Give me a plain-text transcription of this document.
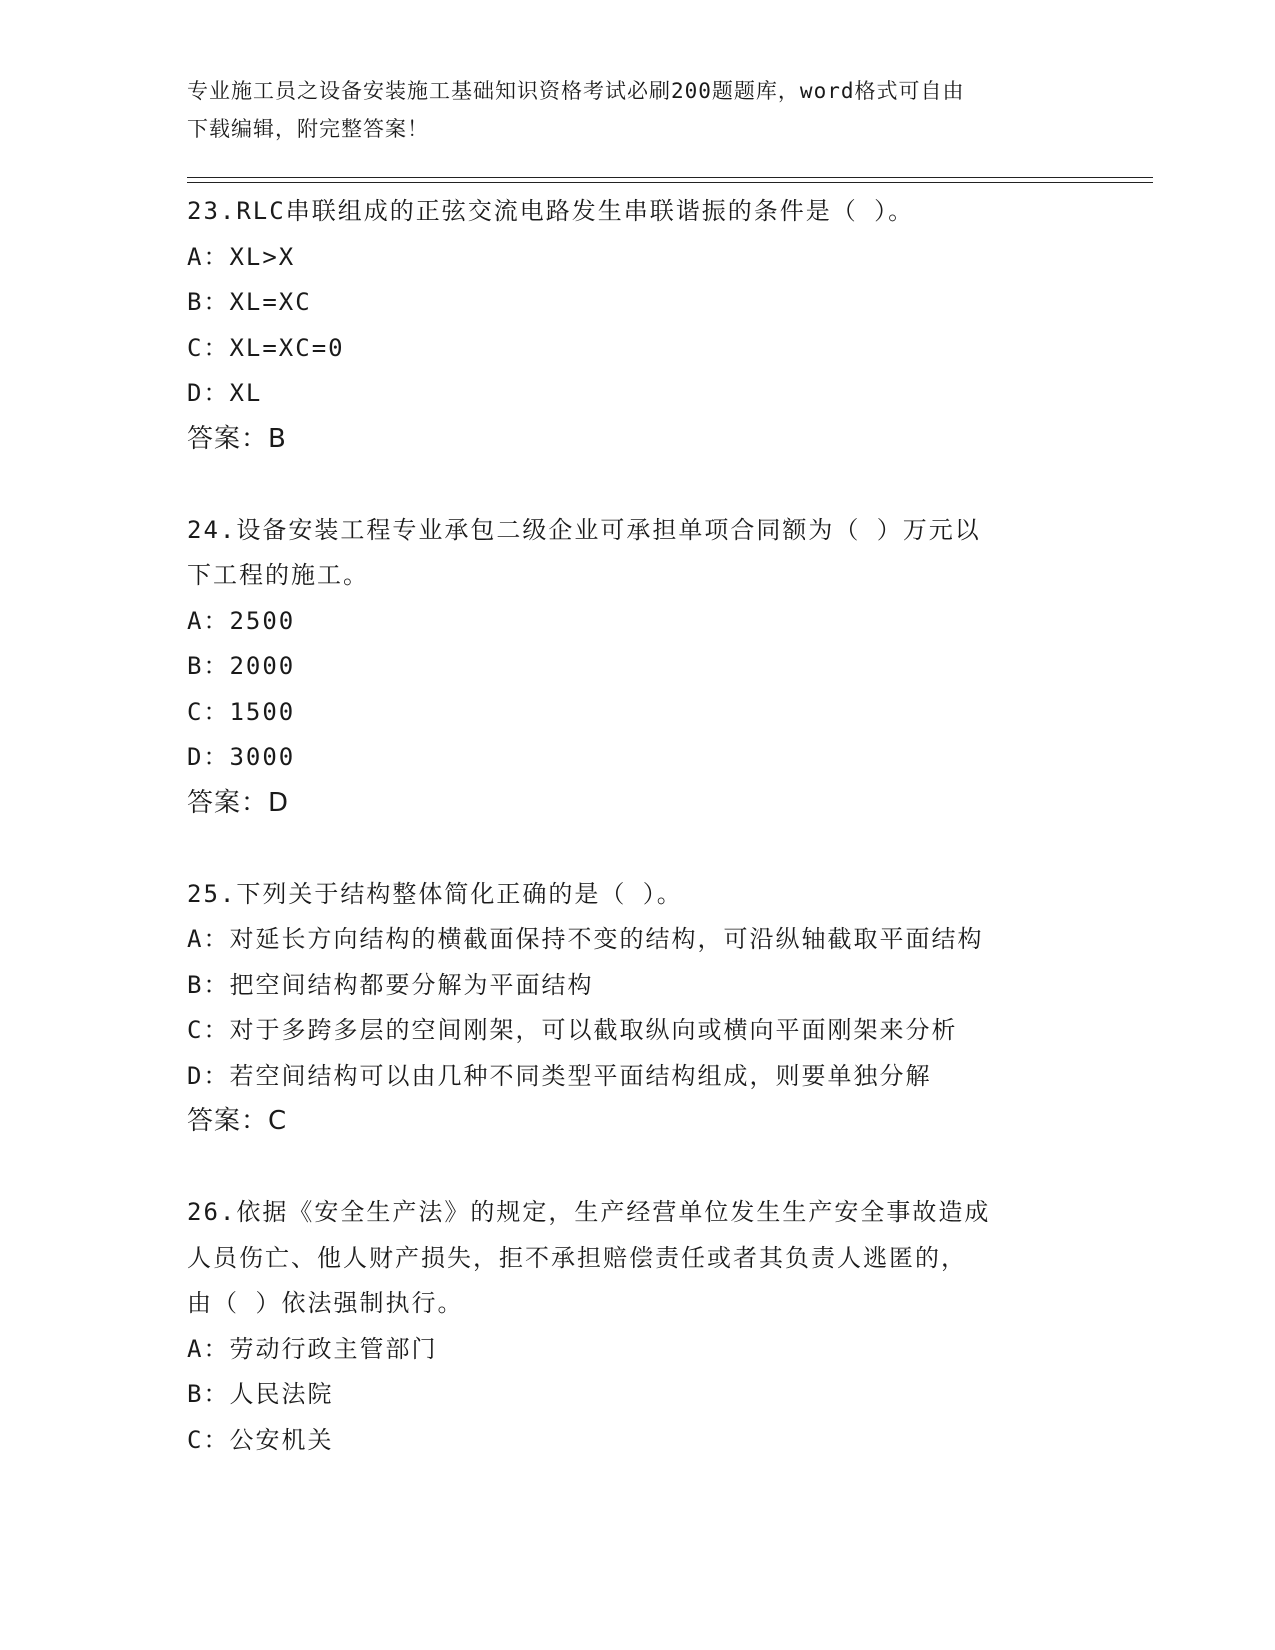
专业施工员之设备安装施工基础知识资格考试必刷200题题库，word格式可自由
下载编辑，附完整答案！
23.RLC串联组成的正弦交流电路发生串联谐振的条件是（ ）。
A：XL>X
B：XL=XC
C：XL=XC=0
D：XL
答案：B
24.设备安装工程专业承包二级企业可承担单项合同额为（ ）万元以
下工程的施工。
A：2500
B：2000
C：1500
D：3000
答案：D
25.下列关于结构整体简化正确的是（ ）。
A：对延长方向结构的横截面保持不变的结构，可沿纵轴截取平面结构
B：把空间结构都要分解为平面结构
C：对于多跨多层的空间刚架，可以截取纵向或横向平面刚架来分析
D：若空间结构可以由几种不同类型平面结构组成，则要单独分解
答案：C
26.依据《安全生产法》的规定，生产经营单位发生生产安全事故造成
人员伤亡、他人财产损失，拒不承担赔偿责任或者其负责人逃匿的，
由（ ）依法强制执行。
A：劳动行政主管部门
B：人民法院
C：公安机关
